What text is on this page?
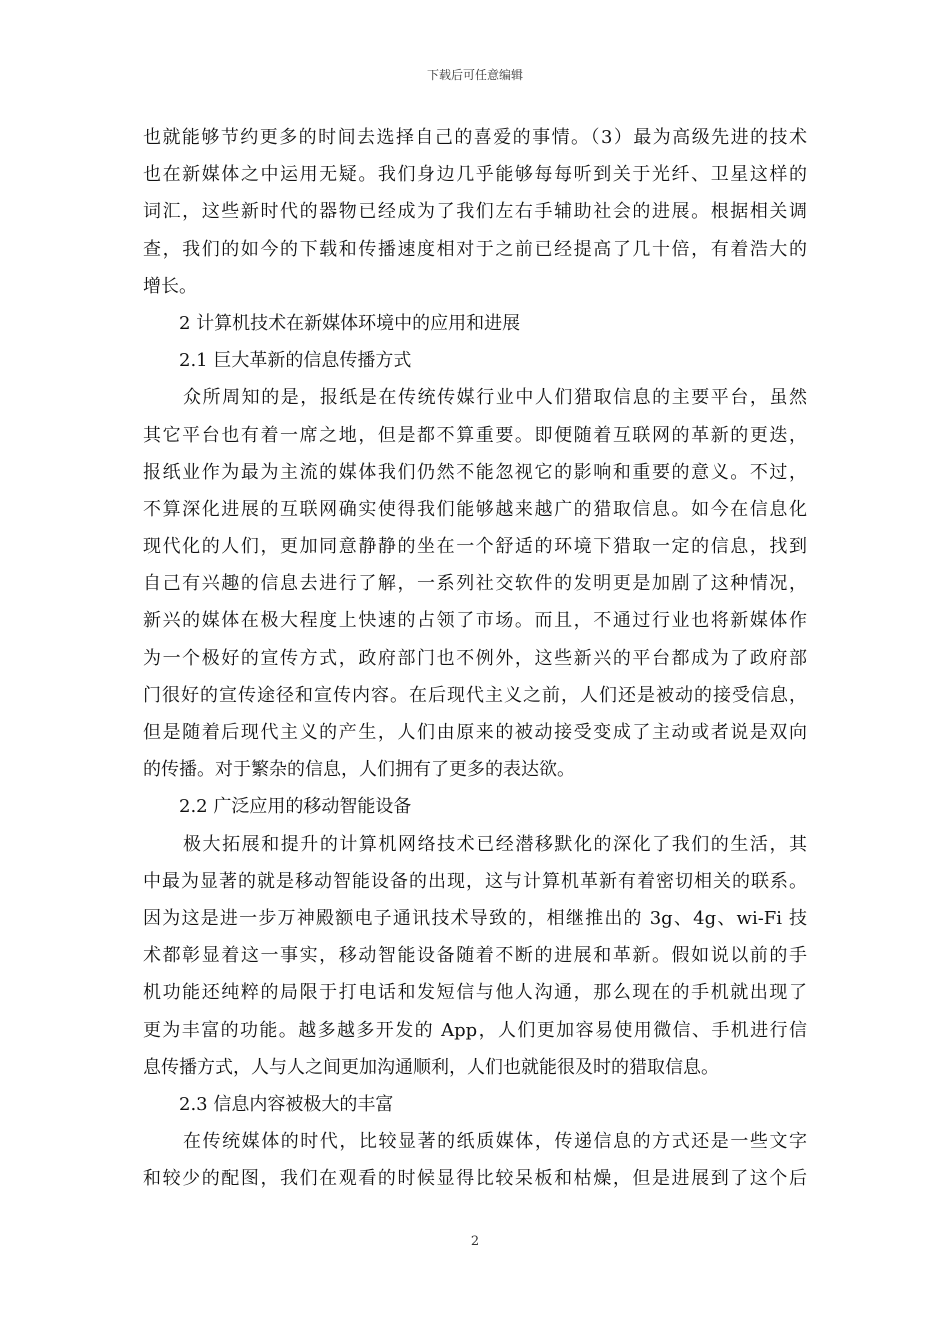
下载后可任意编辑
也就能够节约更多的时间去选择自己的喜爱的事情。（3）最为高级先进的技术
也在新媒体之中运用无疑。我们身边几乎能够每每听到关于光纤、卫星这样的
词汇，这些新时代的器物已经成为了我们左右手辅助社会的进展。根据相关调
查，我们的如今的下载和传播速度相对于之前已经提高了几十倍，有着浩大的
增长。
2 计算机技术在新媒体环境中的应用和进展
2.1 巨大革新的信息传播方式
众所周知的是，报纸是在传统传媒行业中人们猎取信息的主要平台，虽然
其它平台也有着一席之地，但是都不算重要。即便随着互联网的革新的更迭，
报纸业作为最为主流的媒体我们仍然不能忽视它的影响和重要的意义。不过，
不算深化进展的互联网确实使得我们能够越来越广的猎取信息。如今在信息化
现代化的人们，更加同意静静的坐在一个舒适的环境下猎取一定的信息，找到
自己有兴趣的信息去进行了解，一系列社交软件的发明更是加剧了这种情况，
新兴的媒体在极大程度上快速的占领了市场。而且，不通过行业也将新媒体作
为一个极好的宣传方式，政府部门也不例外，这些新兴的平台都成为了政府部
门很好的宣传途径和宣传内容。在后现代主义之前，人们还是被动的接受信息，
但是随着后现代主义的产生，人们由原来的被动接受变成了主动或者说是双向
的传播。对于繁杂的信息，人们拥有了更多的表达欲。
2.2 广泛应用的移动智能设备
极大拓展和提升的计算机网络技术已经潜移默化的深化了我们的生活，其
中最为显著的就是移动智能设备的出现，这与计算机革新有着密切相关的联系。
因为这是进一步万神殿额电子通讯技术导致的，相继推出的 3g、4g、wi-Fi 技
术都彰显着这一事实，移动智能设备随着不断的进展和革新。假如说以前的手
机功能还纯粹的局限于打电话和发短信与他人沟通，那么现在的手机就出现了
更为丰富的功能。越多越多开发的 App，人们更加容易使用微信、手机进行信
息传播方式，人与人之间更加沟通顺利，人们也就能很及时的猎取信息。
2.3 信息内容被极大的丰富
在传统媒体的时代，比较显著的纸质媒体，传递信息的方式还是一些文字
和较少的配图，我们在观看的时候显得比较呆板和枯燥，但是进展到了这个后
2
